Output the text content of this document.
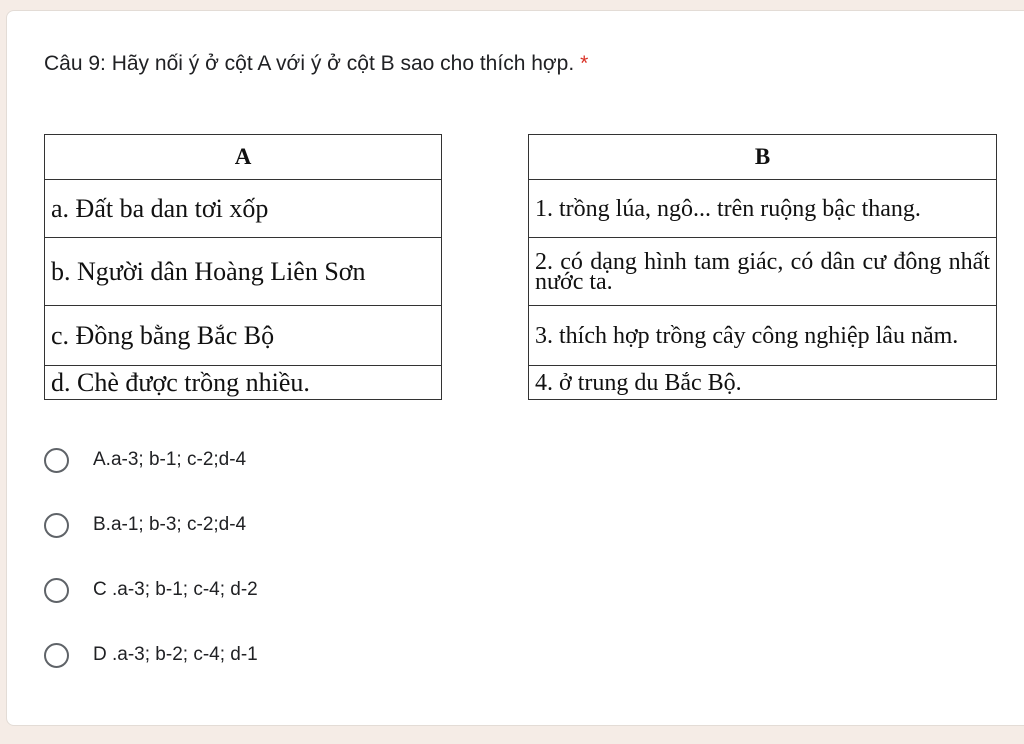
Câu 9: Hãy nối ý ở cột A với ý ở cột B sao cho thích hợp. *
A
a. Đất ba dan tơi xốp
b. Người dân Hoàng Liên Sơn
c. Đồng bằng Bắc Bộ
d. Chè được trồng nhiều.
B
1. trồng lúa, ngô... trên ruộng bậc thang.
2. có dạng hình tam giác, có dân cư đông nhất nước ta.
3. thích hợp trồng cây công nghiệp lâu năm.
4. ở trung du Bắc Bộ.
A.a-3; b-1; c-2;d-4
B.a-1; b-3; c-2;d-4
C .a-3; b-1; c-4; d-2
D .a-3; b-2; c-4; d-1
